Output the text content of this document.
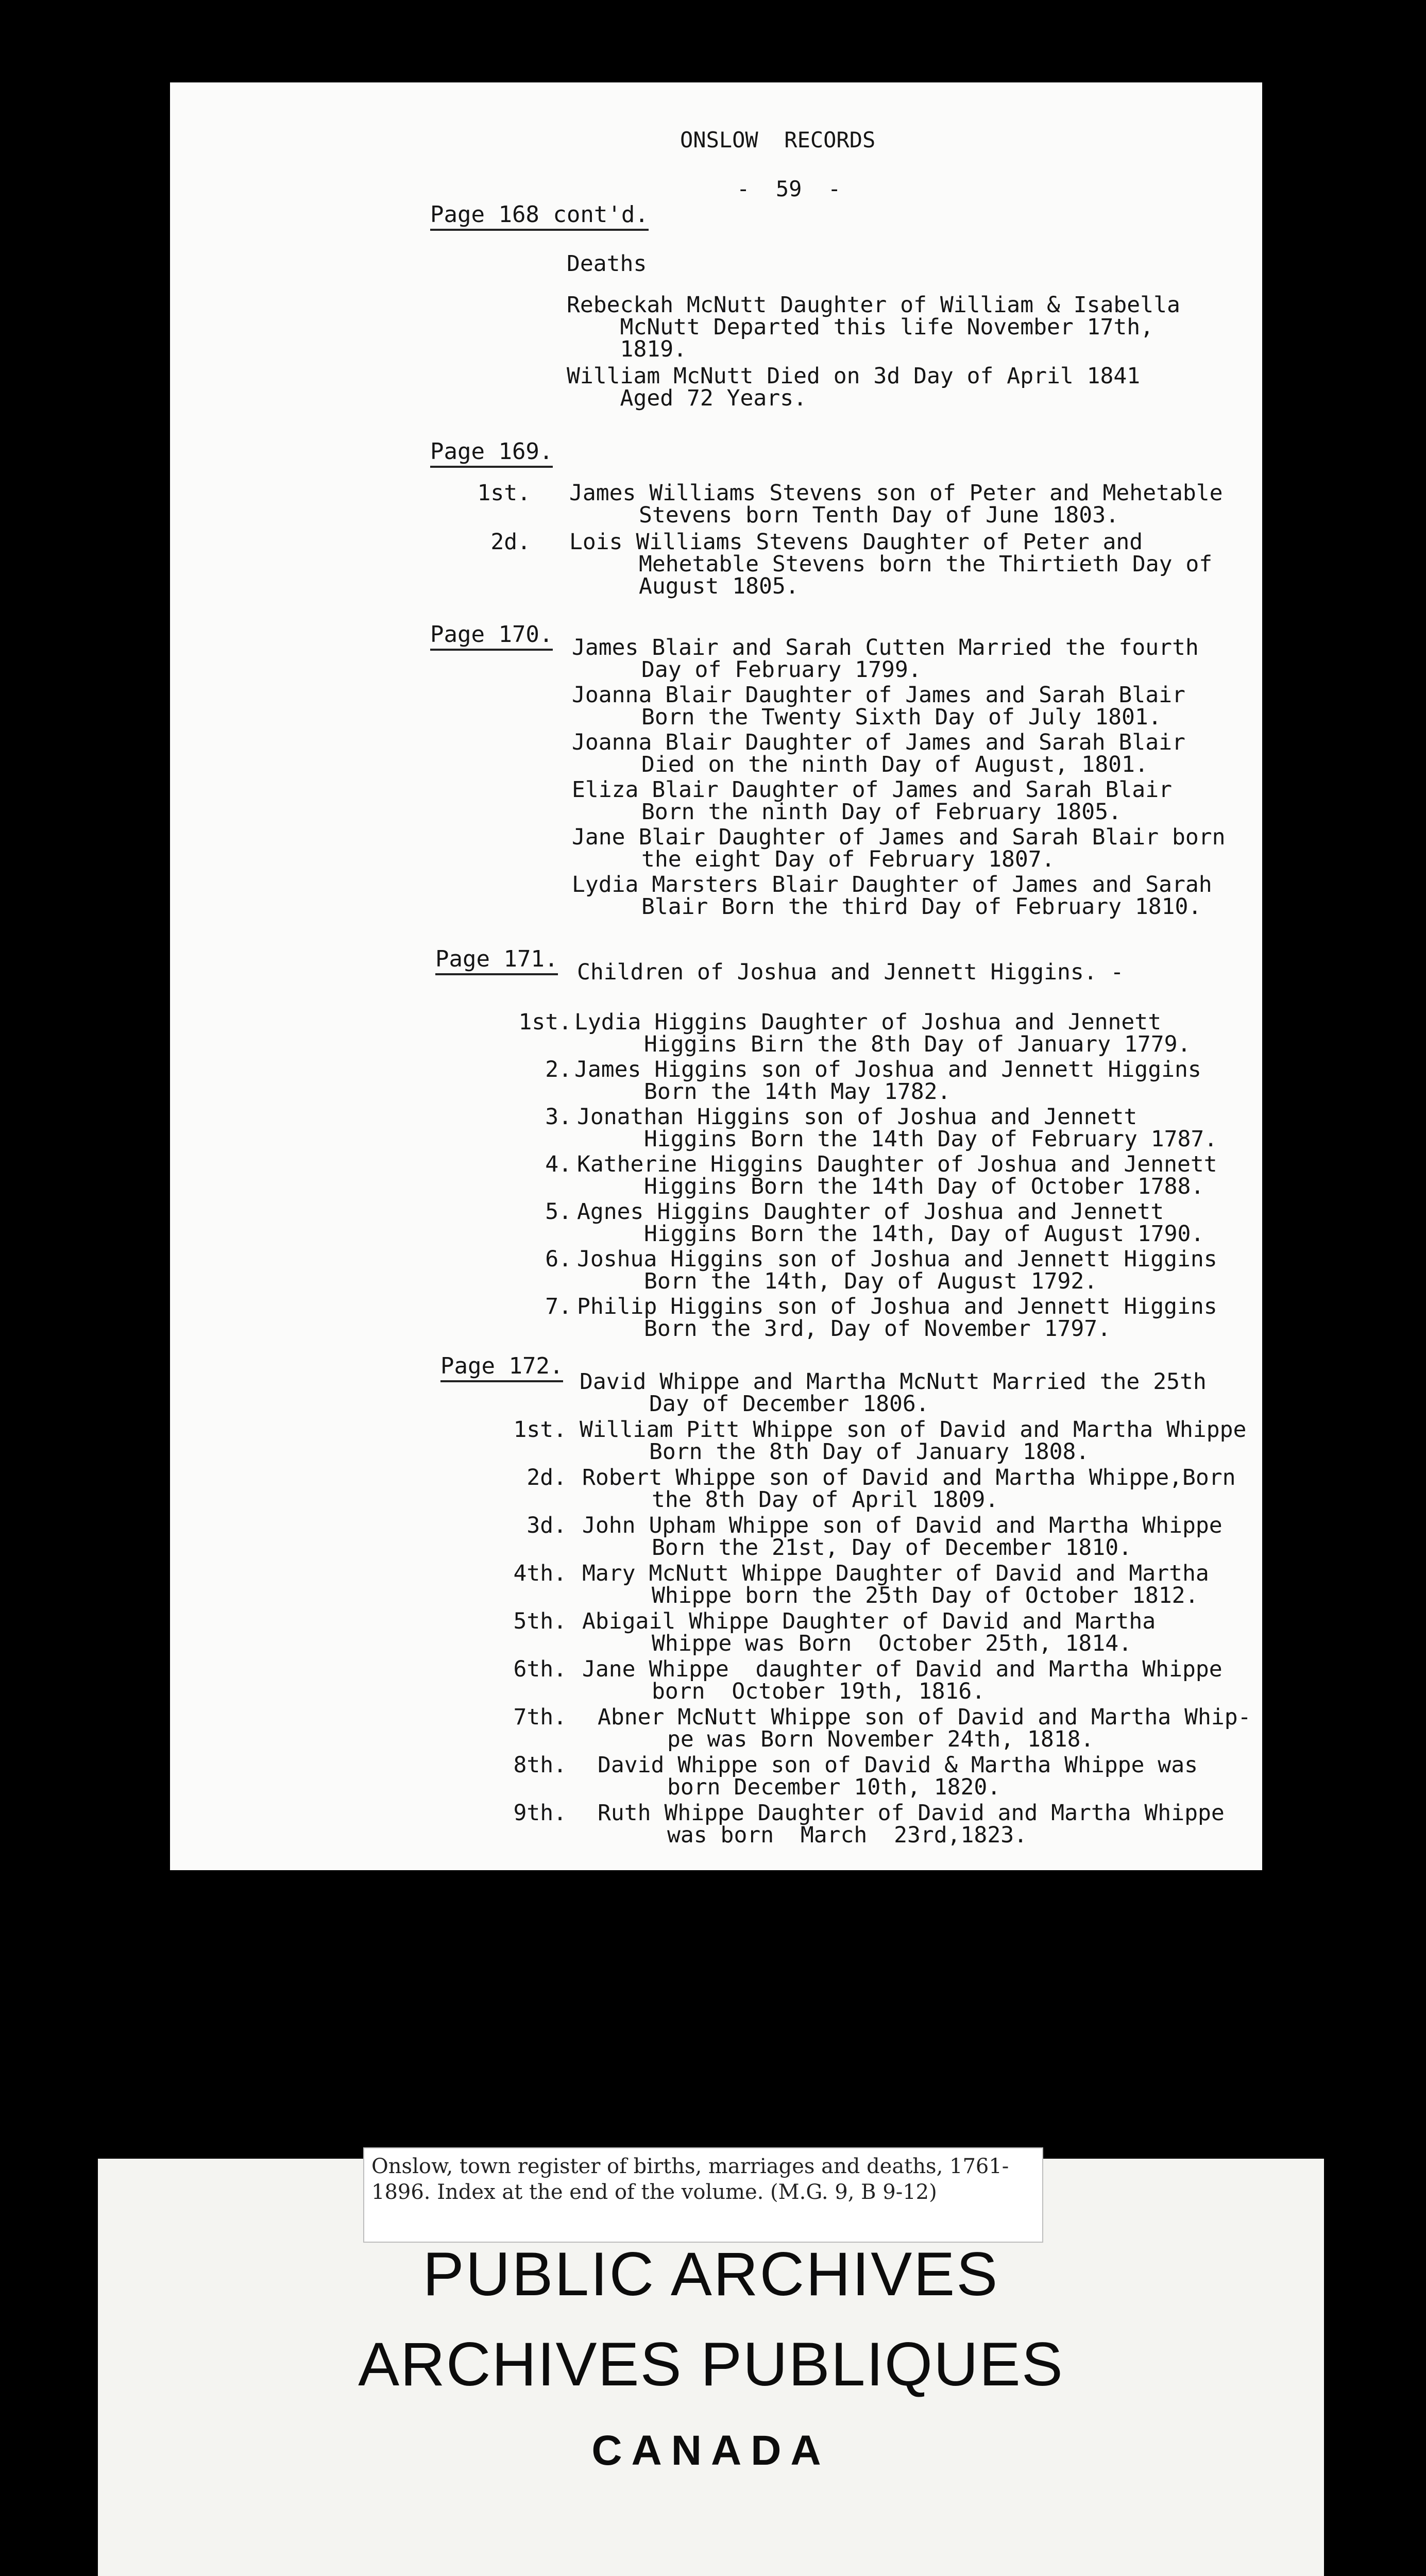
ONSLOW  RECORDS
-  59  -
Page 168 cont'd.
Deaths
Rebeckah McNutt Daughter of William & Isabella
McNutt Departed this life November 17th,
1819.
William McNutt Died on 3d Day of April 1841
Aged 72 Years.
Page 169.
1st. James Williams Stevens son of Peter and Mehetable
Stevens born Tenth Day of June 1803.
2d. Lois Williams Stevens Daughter of Peter and
Mehetable Stevens born the Thirtieth Day of
August 1805.
Page 170. James Blair and Sarah Cutten Married the fourth
Day of February 1799.
Joanna Blair Daughter of James and Sarah Blair
Born the Twenty Sixth Day of July 1801.
Joanna Blair Daughter of James and Sarah Blair
Died on the ninth Day of August, 1801.
Eliza Blair Daughter of James and Sarah Blair
Born the ninth Day of February 1805.
Jane Blair Daughter of James and Sarah Blair born
the eight Day of February 1807.
Lydia Marsters Blair Daughter of James and Sarah
Blair Born the third Day of February 1810.
Page 171. Children of Joshua and Jennett Higgins. -
1st. Lydia Higgins Daughter of Joshua and Jennett
Higgins Birn the 8th Day of January 1779.
2. James Higgins son of Joshua and Jennett Higgins
Born the 14th May 1782.
3. Jonathan Higgins son of Joshua and Jennett
Higgins Born the 14th Day of February 1787.
4. Katherine Higgins Daughter of Joshua and Jennett
Higgins Born the 14th Day of October 1788.
5. Agnes Higgins Daughter of Joshua and Jennett
Higgins Born the 14th, Day of August 1790.
6. Joshua Higgins son of Joshua and Jennett Higgins
Born the 14th, Day of August 1792.
7. Philip Higgins son of Joshua and Jennett Higgins
Born the 3rd, Day of November 1797.
Page 172.
David Whippe and Martha McNutt Married the 25th
Day of December 1806.
1st. William Pitt Whippe son of David and Martha Whippe
Born the 8th Day of January 1808.
2d. Robert Whippe son of David and Martha Whippe,Born
the 8th Day of April 1809.
3d. John Upham Whippe son of David and Martha Whippe
Born the 21st, Day of December 1810.
4th. Mary McNutt Whippe Daughter of David and Martha
Whippe born the 25th Day of October 1812.
5th. Abigail Whippe Daughter of David and Martha
Whippe was Born  October 25th, 1814.
6th. Jane Whippe  daughter of David and Martha Whippe
born  October 19th, 1816.
7th. Abner McNutt Whippe son of David and Martha Whip-
pe was Born November 24th, 1818.
8th. David Whippe son of David & Martha Whippe was
born December 10th, 1820.
9th. Ruth Whippe Daughter of David and Martha Whippe
was born  March  23rd,1823.
Onslow, town register of births, marriages and deaths, 1761-1896. Index at the end of the volume. (M.G. 9, B 9-12)
PUBLIC ARCHIVES
ARCHIVES PUBLIQUES
CANADA
